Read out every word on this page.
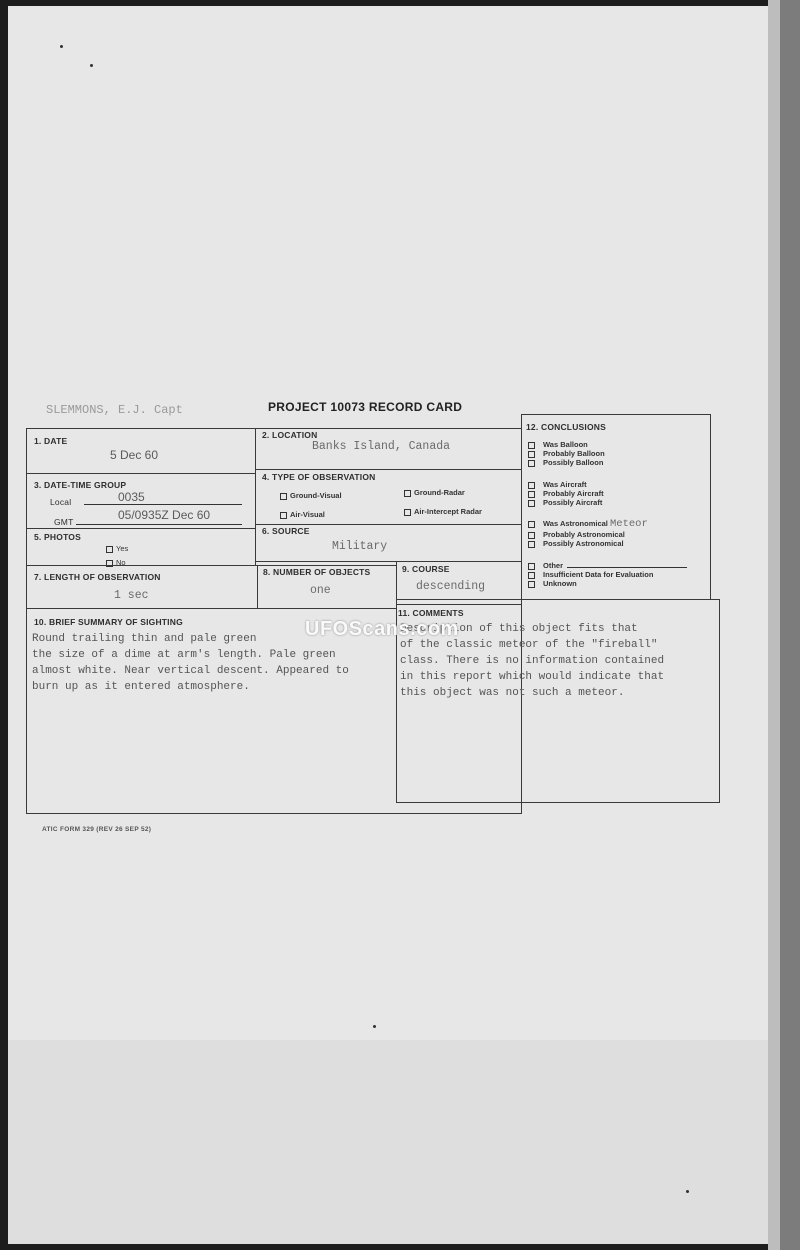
SLEMMONS, E.J. Capt	PROJECT 10073 RECORD CARD
1. DATE
5 Dec 60
2. LOCATION
Banks Island, Canada
3. DATE-TIME GROUP
Local	0035
GMT	05/0935Z Dec 60
4. TYPE OF OBSERVATION
Ground-Visual	Ground-Radar
Air-Visual	Air-Intercept Radar
5. PHOTOS
Yes
No
6. SOURCE
Military
7. LENGTH OF OBSERVATION
1 sec
8. NUMBER OF OBJECTS
one
9. COURSE
descending
10. BRIEF SUMMARY OF SIGHTING
Round trailing thin and pale green
the size of a dime at arm's length. Pale green
almost white. Near vertical descent. Appeared to
burn up as it entered atmosphere.
11. COMMENTS
Description of this object fits that
of the classic meteor of the "fireball"
class. There is no information contained
in this report which would indicate that
this object was not such a meteor.
12. CONCLUSIONS
Was Balloon
Probably Balloon
Possibly Balloon
Was Aircraft
Probably Aircraft
Possibly Aircraft
Was Astronomical Meteor
Probably Astronomical
Possibly Astronomical
Other
Insufficient Data for Evaluation
Unknown
UFOScans.com
ATIC FORM 329 (REV 26 SEP 52)
